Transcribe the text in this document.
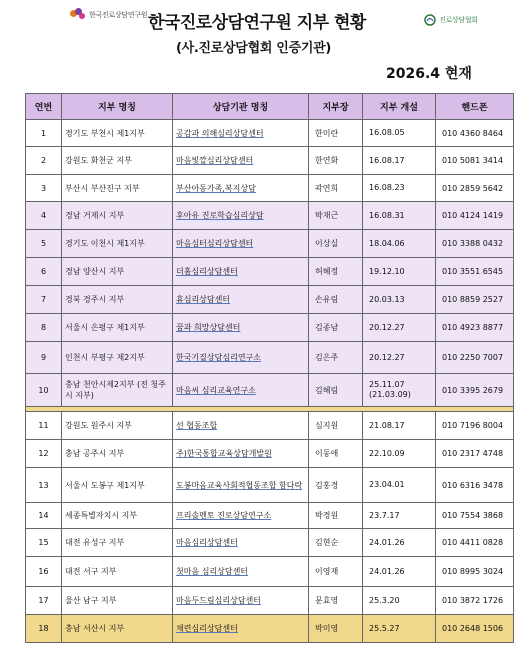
한국진로상담연구원 한국진로상담연구원 지부 현황	진로상담협회
(사.진로상담협회 인증기관)
2026.4 현재
연번	지부 명칭	상담기관 명칭	지부장	지부 개설	핸드폰
1	경기도 부천시 제1지부	공감과 의해심리상담센터	한미란	16.08.05	010 4360 8464
2	강원도 화천군 지부	마음빛깔심리상담센터	한연화	16.08.17	010 5081 3414
3	부산시 부산진구 지부	부산아동가족,복지상담	곽연희	16.08.23	010 2859 5642
4	경남 거제시 지부	후아유 진로학습심리상담	박재근	16.08.31	010 4124 1419
5	경기도 이천시 제1지부	마음심터심리상담센터	이상실	18.04.06	010 3388 0432
6	경남 양산시 지부	더홈심리상담센터	허혜정	19.12.10	010 3551 6545
7	경북 경주시 지부	휴심리상담센터	손유림	20.03.13	010 8859 2527
8	서울시 은평구 제1지부	꿈과 희망상담센터	김종남	20.12.27	010 4923 8877
9	인천시 부평구 제2지부	한국기질상담심리연구소	김은주	20.12.27	010 2250 7007
10	충남 천안시제2지부 (전 청주시 지부)	마음씨 심리교육연구소	김혜림	25.11.07 (21.03.09)	010 3395 2679

11	강원도 원주시 지부	선 협동조합	심지원	21.08.17	010 7196 8004
12	충남 공주시 지부	주)한국통합교육상담개발원	이동애	22.10.09	010 2317 4748
13	서울시 도봉구 제1지부	도봉마음교육사회적협동조합 함다락	김홍경	23.04.01	010 6316 3478
14	세종특별자치시 지부	프리솔멘토 진로상담연구소	박경원	23.7.17	010 7554 3868
15	대전 유성구 지부	마음심리상담센터	김현순	24.01.26	010 4411 0828
16	대전 서구 지부	첫마음 심리상담센터	이영재	24.01.26	010 8995 3024
17	울산 남구 지부	마음두드림심리상담센터	문효영	25.3.20	010 3872 1726
18	충남 서산시 지부	채련심리상담센터	박미영	25.5.27	010 2648 1506
